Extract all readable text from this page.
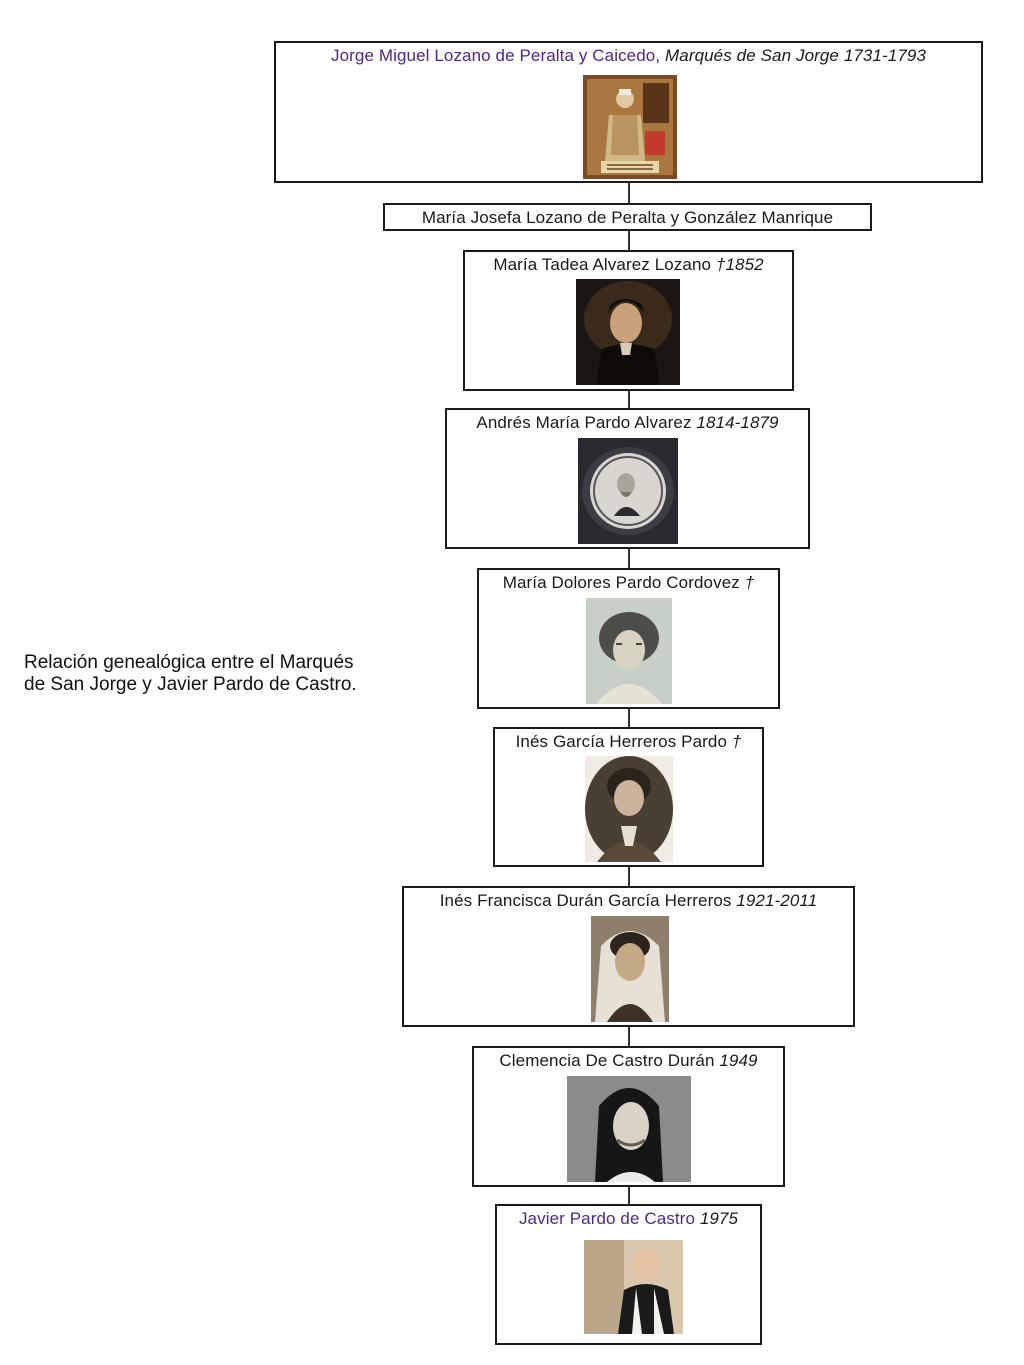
Relación genealógica entre el Marqués
de San Jorge y Javier Pardo de Castro.
Jorge Miguel Lozano de Peralta y Caicedo, Marqués de San Jorge 1731-1793
María Josefa Lozano de Peralta y González Manrique
María Tadea Alvarez Lozano †1852
Andrés María Pardo Alvarez 1814-1879
María Dolores Pardo Cordovez †
Inés García Herreros Pardo †
Inés Francisca Durán García Herreros 1921-2011
Clemencia De Castro Durán 1949
Javier Pardo de Castro 1975
